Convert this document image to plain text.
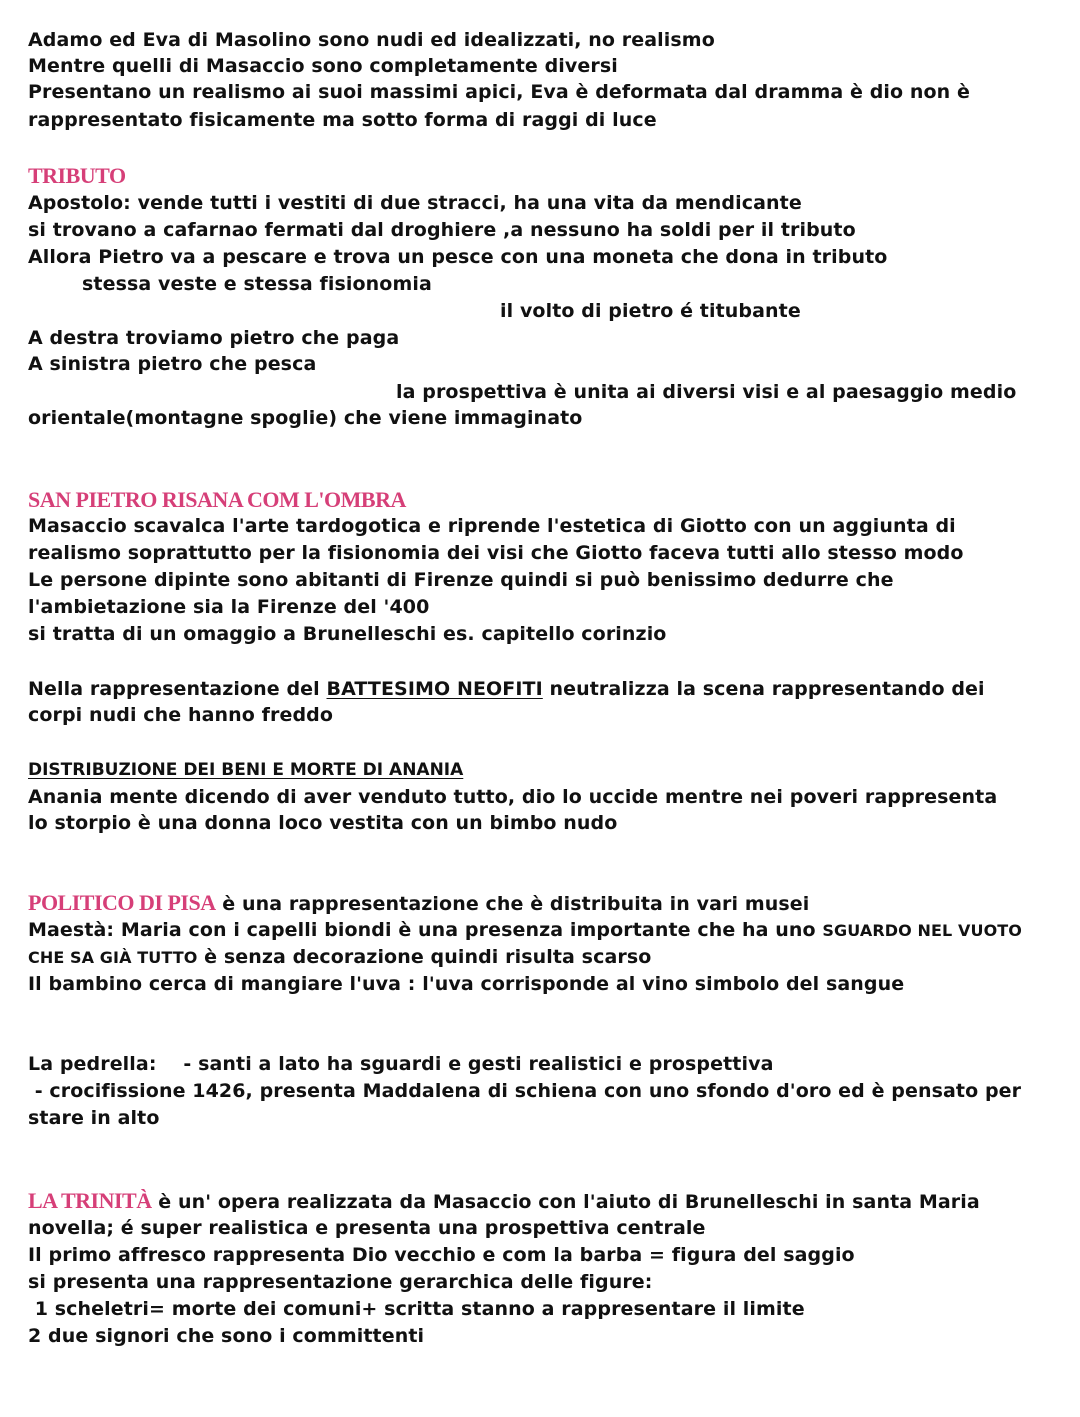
Adamo ed Eva di Masolino sono nudi ed idealizzati, no realismo
Mentre quelli di Masaccio sono completamente diversi
Presentano un realismo ai suoi massimi apici, Eva è deformata dal dramma è dio non è
rappresentato fisicamente ma sotto forma di raggi di luce
TRIBUTO
Apostolo: vende tutti i vestiti di due stracci, ha una vita da mendicante
si trovano a cafarnao fermati dal droghiere ,a nessuno ha soldi per il tributo
Allora Pietro va a pescare e trova un pesce con una moneta che dona in tributo
stessa veste e stessa fisionomia
il volto di pietro é titubante
A destra troviamo pietro che paga
A sinistra pietro che pesca
la prospettiva è unita ai diversi visi e al paesaggio medio
orientale(montagne spoglie) che viene immaginato
SAN PIETRO RISANA COM L'OMBRA
Masaccio scavalca l'arte tardogotica e riprende l'estetica di Giotto con un aggiunta di
realismo soprattutto per la fisionomia dei visi che Giotto faceva tutti allo stesso modo
Le persone dipinte sono abitanti di Firenze quindi si può benissimo dedurre che
l'ambietazione sia la Firenze del '400
si tratta di un omaggio a Brunelleschi es. capitello corinzio
Nella rappresentazione del BATTESIMO NEOFITI neutralizza la scena rappresentando dei
corpi nudi che hanno freddo
DISTRIBUZIONE DEI BENI E MORTE DI ANANIA
Anania mente dicendo di aver venduto tutto, dio lo uccide mentre nei poveri rappresenta
lo storpio è una donna loco vestita con un bimbo nudo
POLITICO DI PISA è una rappresentazione che è distribuita in vari musei
Maestà: Maria con i capelli biondi è una presenza importante che ha uno SGUARDO NEL VUOTO
CHE SA GIÀ TUTTO è senza decorazione quindi risulta scarso
Il bambino cerca di mangiare l'uva : l'uva corrisponde al vino simbolo del sangue
La pedrella:    - santi a lato ha sguardi e gesti realistici e prospettiva
- crocifissione 1426, presenta Maddalena di schiena con uno sfondo d'oro ed è pensato per
stare in alto
LA TRINITÀ è un' opera realizzata da Masaccio con l'aiuto di Brunelleschi in santa Maria
novella; é super realistica e presenta una prospettiva centrale
Il primo affresco rappresenta Dio vecchio e com la barba = figura del saggio
si presenta una rappresentazione gerarchica delle figure:
1 scheletri= morte dei comuni+ scritta stanno a rappresentare il limite
2 due signori che sono i committenti
